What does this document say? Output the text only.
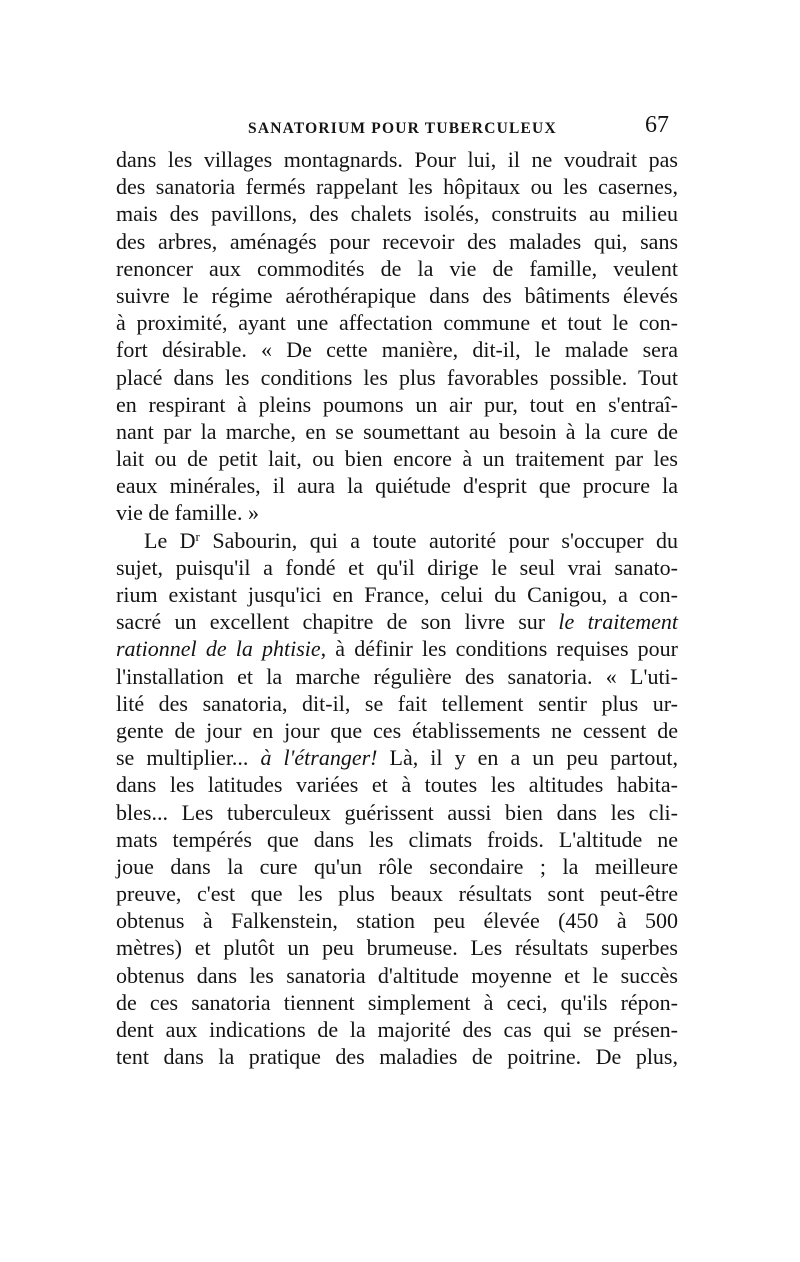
SANATORIUM POUR TUBERCULEUX	67
dans les villages montagnards. Pour lui, il ne voudrait pas
des sanatoria fermés rappelant les hôpitaux ou les casernes,
mais des pavillons, des chalets isolés, construits au milieu
des arbres, aménagés pour recevoir des malades qui, sans
renoncer aux commodités de la vie de famille, veulent
suivre le régime aérothérapique dans des bâtiments élevés
à proximité, ayant une affectation commune et tout le con-
fort désirable. « De cette manière, dit-il, le malade sera
placé dans les conditions les plus favorables possible. Tout
en respirant à pleins poumons un air pur, tout en s'entraî-
nant par la marche, en se soumettant au besoin à la cure de
lait ou de petit lait, ou bien encore à un traitement par les
eaux minérales, il aura la quiétude d'esprit que procure la
vie de famille. »
Le $D^r$ Sabourin, qui a toute autorité pour s'occuper du
sujet, puisqu'il a fondé et qu'il dirige le seul vrai sanato-
rium existant jusqu'ici en France, celui du Canigou, a con-
sacré un excellent chapitre de son livre sur le traitement
rationnel de la phtisie, à définir les conditions requises pour
l'installation et la marche régulière des sanatoria. « L'uti-
lité des sanatoria, dit-il, se fait tellement sentir plus ur-
gente de jour en jour que ces établissements ne cessent de
se multiplier... à l'étranger! Là, il y en a un peu partout,
dans les latitudes variées et à toutes les altitudes habita-
bles... Les tuberculeux guérissent aussi bien dans les cli-
mats tempérés que dans les climats froids. L'altitude ne
joue dans la cure qu'un rôle secondaire ; la meilleure
preuve, c'est que les plus beaux résultats sont peut-être
obtenus à Falkenstein, station peu élevée (450 à 500
mètres) et plutôt un peu brumeuse. Les résultats superbes
obtenus dans les sanatoria d'altitude moyenne et le succès
de ces sanatoria tiennent simplement à ceci, qu'ils répon-
dent aux indications de la majorité des cas qui se présen-
tent dans la pratique des maladies de poitrine. De plus,
